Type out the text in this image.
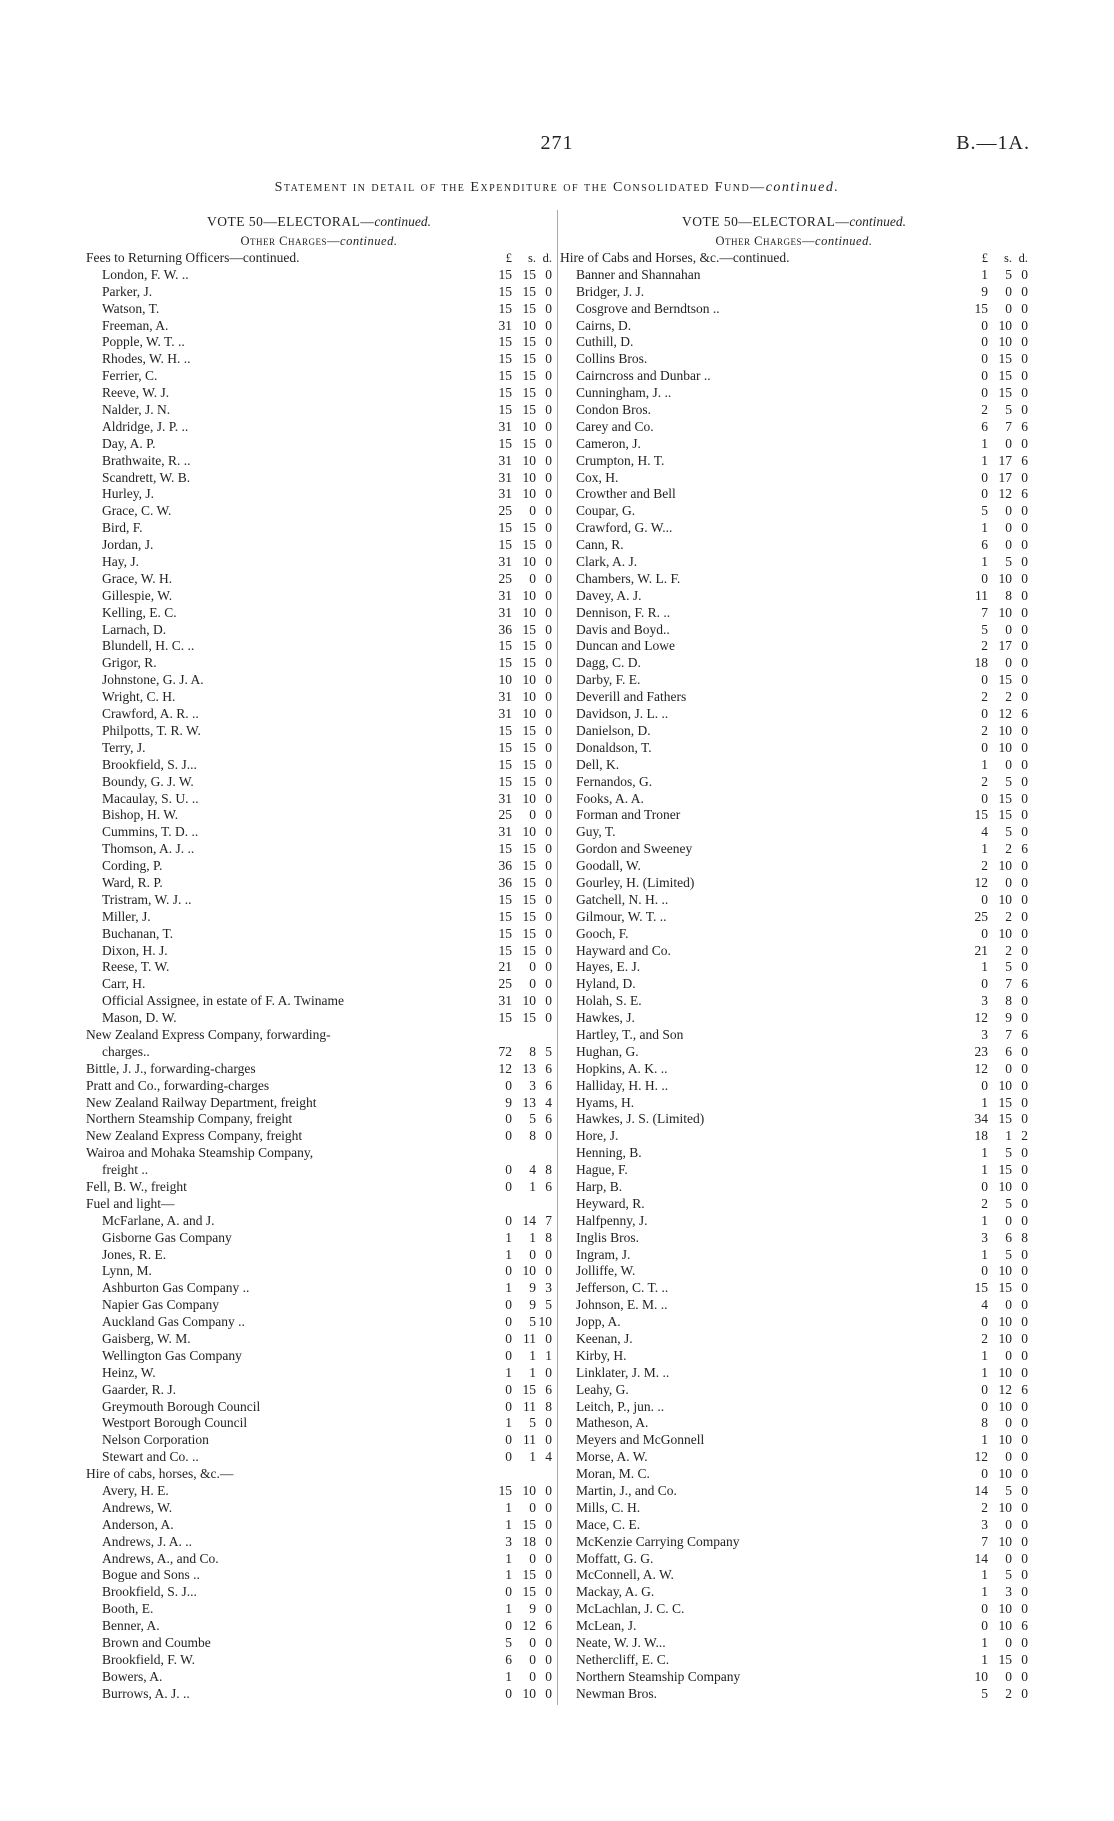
271	B.—1A.
Statement in detail of the Expenditure of the Consolidated Fund—continued.
VOTE 50—ELECTORAL—continued.
Other Charges—continued.
Fees to Returning Officers—continued.	£	s. d.
London, F. W. ..	15 15 0
Parker, J.	15 15 0
Watson, T.	15 15 0
Freeman, A.	31 10 0
Popple, W. T. ..	15 15 0
Rhodes, W. H. ..	15 15 0
Ferrier, C.	15 15 0
Reeve, W. J.	15 15 0
Nalder, J. N.	15 15 0
Aldridge, J. P. ..	31 10 0
Day, A. P.	15 15 0
Brathwaite, R. ..	31 10 0
Scandrett, W. B.	31 10 0
Hurley, J.	31 10 0
Grace, C. W.	25	0 0
Bird, F.	15 15 0
Jordan, J.	15 15 0
Hay, J.	31 10 0
Grace, W. H.	25	0 0
Gillespie, W.	31 10 0
Kelling, E. C.	31 10 0
Larnach, D.	36 15 0
Blundell, H. C. ..	15 15 0
Grigor, R.	15 15 0
Johnstone, G. J. A.	10 10 0
Wright, C. H.	31 10 0
Crawford, A. R. ..	31 10 0
Philpotts, T. R. W.	15 15 0
Terry, J.	15 15 0
Brookfield, S. J...	15 15 0
Boundy, G. J. W.	15 15 0
Macaulay, S. U. ..	31 10 0
Bishop, H. W.	25	0 0
Cummins, T. D. ..	31 10 0
Thomson, A. J. ..	15 15 0
Cording, P.	36 15 0
Ward, R. P.	36 15 0
Tristram, W. J. ..	15 15 0
Miller, J.	15 15 0
Buchanan, T.	15 15 0
Dixon, H. J.	15 15 0
Reese, T. W.	21	0 0
Carr, H.	25	0 0
Official Assignee, in estate of F. A. Twiname	31 10 0
Mason, D. W.	15 15 0
New Zealand Express Company, forwarding-
charges..	72	8 5
Bittle, J. J., forwarding-charges	12 13 6
Pratt and Co., forwarding-charges	0	3 6
New Zealand Railway Department, freight	9 13 4
Northern Steamship Company, freight	0	5 6
New Zealand Express Company, freight	0	8 0
Wairoa and Mohaka Steamship Company,
freight ..	0	4 8
Fell, B. W., freight	0	1 6
Fuel and light—
McFarlane, A. and J.	0 14 7
Gisborne Gas Company	1	1 8
Jones, R. E.	1	0 0
Lynn, M.	0 10 0
Ashburton Gas Company ..	1	9 3
Napier Gas Company	0	9 5
Auckland Gas Company ..	0	5 10
Gaisberg, W. M.	0 11 0
Wellington Gas Company	0	1 1
Heinz, W.	1	1 0
Gaarder, R. J.	0 15 6
Greymouth Borough Council	0 11 8
Westport Borough Council	1	5 0
Nelson Corporation	0 11 0
Stewart and Co. ..	0	1 4
Hire of cabs, horses, &c.—
Avery, H. E.	15 10 0
Andrews, W.	1	0 0
Anderson, A.	1 15 0
Andrews, J. A. ..	3 18 0
Andrews, A., and Co.	1	0 0
Bogue and Sons ..	1 15 0
Brookfield, S. J...	0 15 0
Booth, E.	1	9 0
Benner, A.	0 12 6
Brown and Coumbe	5	0 0
Brookfield, F. W.	6	0 0
Bowers, A.	1	0 0
Burrows, A. J. ..	0 10 0
VOTE 50—ELECTORAL—continued.
Other Charges—continued.
Hire of Cabs and Horses, &c.—continued.	£	s. d.
Banner and Shannahan	1	5 0
Bridger, J. J.	9	0 0
Cosgrove and Berndtson ..	15	0 0
Cairns, D.	0 10 0
Cuthill, D.	0 10 0
Collins Bros.	0 15 0
Cairncross and Dunbar ..	0 15 0
Cunningham, J. ..	0 15 0
Condon Bros.	2	5 0
Carey and Co.	6	7 6
Cameron, J.	1	0 0
Crumpton, H. T.	1 17 6
Cox, H.	0 17 0
Crowther and Bell	0 12 6
Coupar, G.	5	0 0
Crawford, G. W...	1	0 0
Cann, R.	6	0 0
Clark, A. J.	1	5 0
Chambers, W. L. F.	0 10 0
Davey, A. J.	11	8 0
Dennison, F. R. ..	7 10 0
Davis and Boyd..	5	0 0
Duncan and Lowe	2 17 0
Dagg, C. D.	18	0 0
Darby, F. E.	0 15 0
Deverill and Fathers	2	2 0
Davidson, J. L. ..	0 12 6
Danielson, D.	2 10 0
Donaldson, T.	0 10 0
Dell, K.	1	0 0
Fernandos, G.	2	5 0
Fooks, A. A.	0 15 0
Forman and Troner	15 15 0
Guy, T.	4	5 0
Gordon and Sweeney	1	2 6
Goodall, W.	2 10 0
Gourley, H. (Limited)	12	0 0
Gatchell, N. H. ..	0 10 0
Gilmour, W. T. ..	25	2 0
Gooch, F.	0 10 0
Hayward and Co.	21	2 0
Hayes, E. J.	1	5 0
Hyland, D.	0	7 6
Holah, S. E.	3	8 0
Hawkes, J.	12	9 0
Hartley, T., and Son	3	7 6
Hughan, G.	23	6 0
Hopkins, A. K. ..	12	0 0
Halliday, H. H. ..	0 10 0
Hyams, H.	1 15 0
Hawkes, J. S. (Limited)	34 15 0
Hore, J.	18	1 2
Henning, B.	1	5 0
Hague, F.	1 15 0
Harp, B.	0 10 0
Heyward, R.	2	5 0
Halfpenny, J.	1	0 0
Inglis Bros.	3	6 8
Ingram, J.	1	5 0
Jolliffe, W.	0 10 0
Jefferson, C. T. ..	15 15 0
Johnson, E. M. ..	4	0 0
Jopp, A.	0 10 0
Keenan, J.	2 10 0
Kirby, H.	1	0 0
Linklater, J. M. ..	1 10 0
Leahy, G.	0 12 6
Leitch, P., jun. ..	0 10 0
Matheson, A.	8	0 0
Meyers and McGonnell	1 10 0
Morse, A. W.	12	0 0
Moran, M. C.	0 10 0
Martin, J., and Co.	14	5 0
Mills, C. H.	2 10 0
Mace, C. E.	3	0 0
McKenzie Carrying Company	7 10 0
Moffatt, G. G.	14	0 0
McConnell, A. W.	1	5 0
Mackay, A. G.	1	3 0
McLachlan, J. C. C.	0 10 0
McLean, J.	0 10 6
Neate, W. J. W...	1	0 0
Nethercliff, E. C.	1 15 0
Northern Steamship Company	10	0 0
Newman Bros.	5	2 0
